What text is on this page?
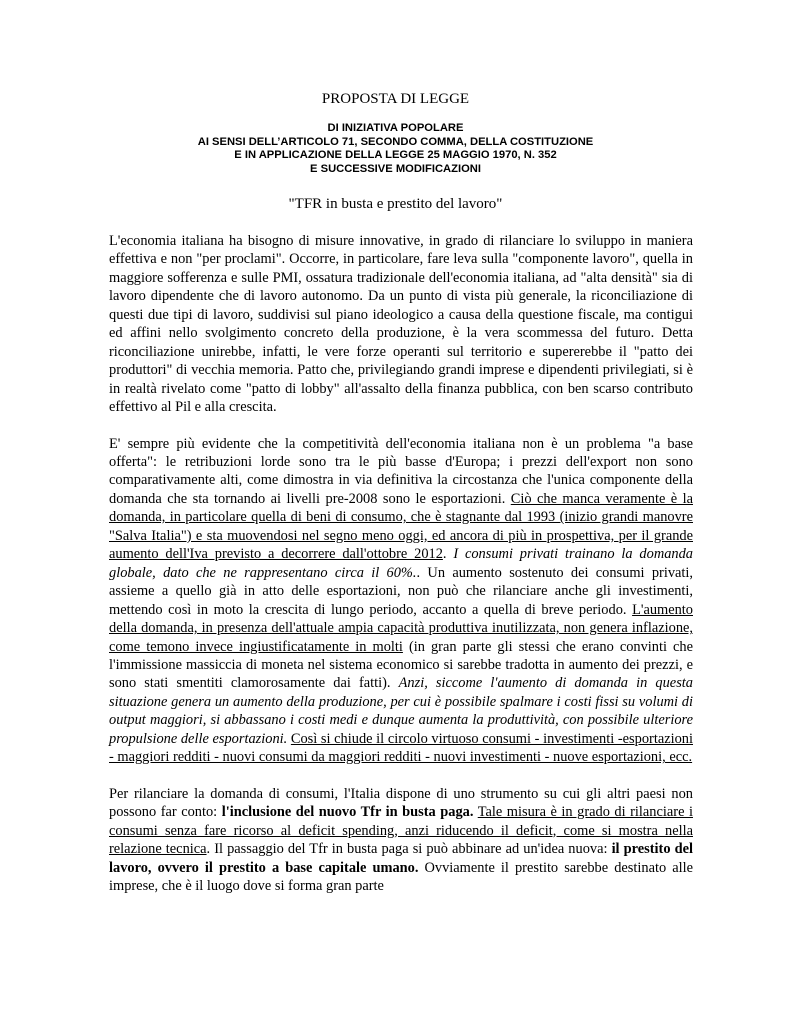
PROPOSTA DI LEGGE
DI INIZIATIVA POPOLARE
AI SENSI DELL’ARTICOLO 71, SECONDO COMMA, DELLA COSTITUZIONE
E IN APPLICAZIONE DELLA LEGGE 25 MAGGIO 1970, N. 352
E SUCCESSIVE MODIFICAZIONI
"TFR in busta e prestito del lavoro"

L'economia italiana ha bisogno di misure innovative, in grado di rilanciare lo sviluppo in maniera effettiva e non "per proclami". Occorre, in particolare, fare leva sulla "componente lavoro", quella in maggiore sofferenza e sulle PMI, ossatura tradizionale dell'economia italiana, ad "alta densità" sia di lavoro dipendente che di lavoro autonomo. Da un punto di vista più generale, la riconciliazione di questi due tipi di lavoro, suddivisi sul piano ideologico a causa della questione fiscale, ma contigui ed affini nello svolgimento concreto della produzione, è la vera scommessa del futuro. Detta riconciliazione unirebbe, infatti, le vere forze operanti sul territorio e supererebbe il "patto dei produttori" di vecchia memoria. Patto che, privilegiando grandi imprese e dipendenti privilegiati, si è in realtà rivelato come "patto di lobby" all'assalto della finanza pubblica, con ben scarso contributo effettivo al Pil e alla crescita.

E' sempre più evidente che la competitività dell'economia italiana non è un problema "a base offerta": le retribuzioni lorde sono tra le più basse d'Europa; i prezzi dell'export non sono comparativamente alti, come dimostra in via definitiva la circostanza che l'unica componente della domanda che sta tornando ai livelli pre-2008 sono le esportazioni. Ciò che manca veramente è la domanda, in particolare quella di beni di consumo, che è stagnante dal 1993 (inizio grandi manovre "Salva Italia") e sta muovendosi nel segno meno oggi, ed ancora di più in prospettiva, per il grande aumento dell'Iva previsto a decorrere dall'ottobre 2012. I consumi privati trainano la domanda globale, dato che ne rappresentano circa il 60%.. Un aumento sostenuto dei consumi privati, assieme a quello già in atto delle esportazioni, non può che rilanciare anche gli investimenti, mettendo così in moto la crescita di lungo periodo, accanto a quella di breve periodo. L'aumento della domanda, in presenza dell'attuale ampia capacità produttiva inutilizzata, non genera inflazione, come temono invece ingiustificatamente in molti (in gran parte gli stessi che erano convinti che l'immissione massiccia di moneta nel sistema economico si sarebbe tradotta in aumento dei prezzi, e sono stati smentiti clamorosamente dai fatti). Anzi, siccome l'aumento di domanda in questa situazione genera un aumento della produzione, per cui è possibile spalmare i costi fissi su volumi di output maggiori, si abbassano i costi medi e dunque aumenta la produttività, con possibile ulteriore propulsione delle esportazioni. Così si chiude il circolo virtuoso consumi - investimenti -esportazioni - maggiori redditi - nuovi consumi da maggiori redditi - nuovi investimenti - nuove esportazioni, ecc.

Per rilanciare la domanda di consumi, l'Italia dispone di uno strumento su cui gli altri paesi non possono far conto: l'inclusione del nuovo Tfr in busta paga. Tale misura è in grado di rilanciare i consumi senza fare ricorso al deficit spending, anzi riducendo il deficit, come si mostra nella relazione tecnica. Il passaggio del Tfr in busta paga si può abbinare ad un'idea nuova: il prestito del lavoro, ovvero il prestito a base capitale umano. Ovviamente il prestito sarebbe destinato alle imprese, che è il luogo dove si forma gran parte
